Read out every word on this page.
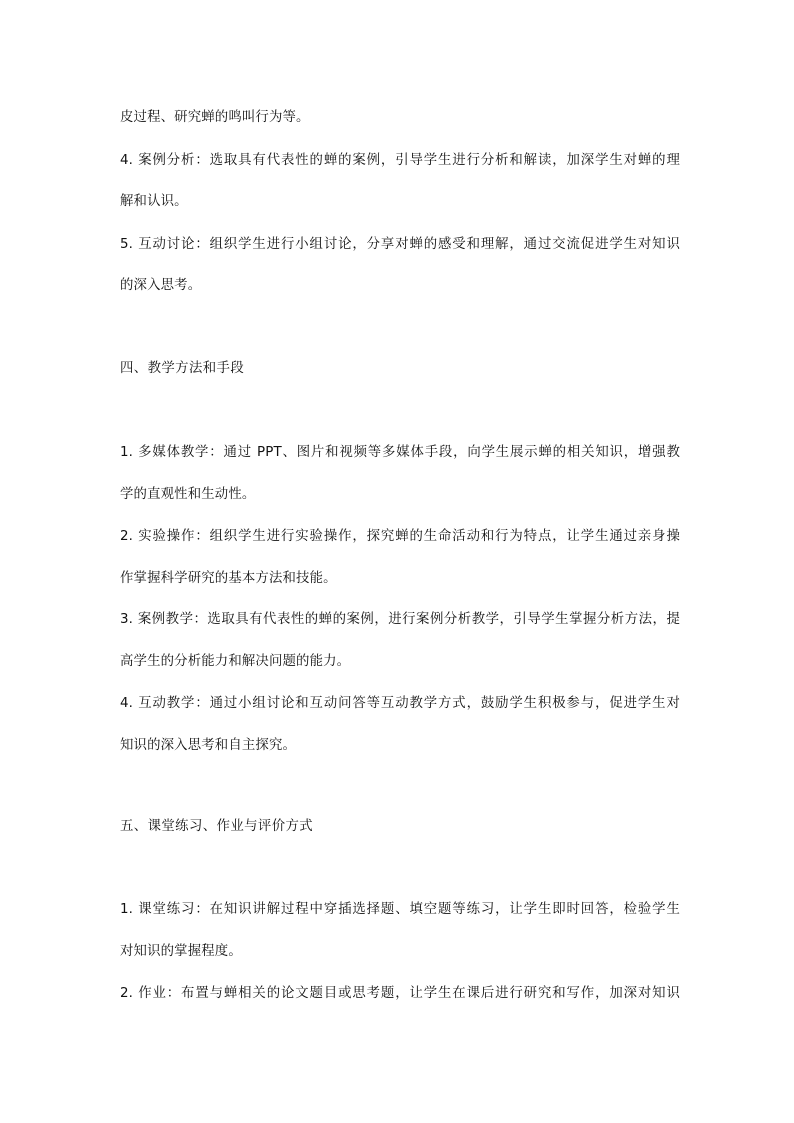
皮过程、研究蝉的鸣叫行为等。
4. 案例分析：选取具有代表性的蝉的案例，引导学生进行分析和解读，加深学生对蝉的理
解和认识。
5. 互动讨论：组织学生进行小组讨论，分享对蝉的感受和理解，通过交流促进学生对知识
的深入思考。
四、教学方法和手段
1. 多媒体教学：通过 PPT、图片和视频等多媒体手段，向学生展示蝉的相关知识，增强教
学的直观性和生动性。
2. 实验操作：组织学生进行实验操作，探究蝉的生命活动和行为特点，让学生通过亲身操
作掌握科学研究的基本方法和技能。
3. 案例教学：选取具有代表性的蝉的案例，进行案例分析教学，引导学生掌握分析方法，提
高学生的分析能力和解决问题的能力。
4. 互动教学：通过小组讨论和互动问答等互动教学方式，鼓励学生积极参与，促进学生对
知识的深入思考和自主探究。
五、课堂练习、作业与评价方式
1. 课堂练习：在知识讲解过程中穿插选择题、填空题等练习，让学生即时回答，检验学生
对知识的掌握程度。
2. 作业：布置与蝉相关的论文题目或思考题，让学生在课后进行研究和写作，加深对知识
